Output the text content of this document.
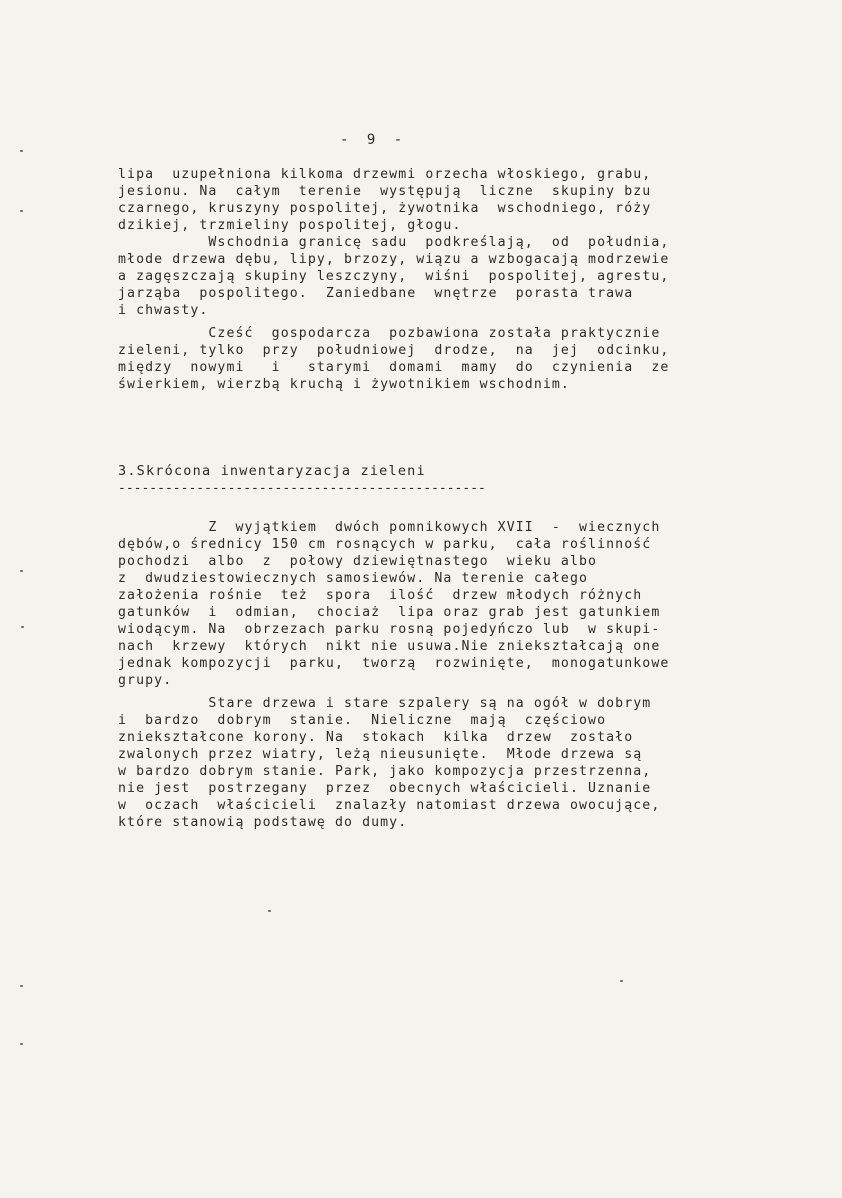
- 9 -
lipa  uzupełniona kilkoma drzewmi orzecha włoskiego, grabu,
jesionu. Na  całym  terenie  występują  liczne  skupiny bzu
czarnego, kruszyny pospolitej, żywotnika  wschodniego, róży
dzikiej, trzmieliny pospolitej, głogu.
Wschodnia granicę sadu  podkreślają,  od  południa,
młode drzewa dębu, lipy, brzozy, wiązu a wzbogacają modrzewie
a zagęszczają skupiny leszczyny,  wiśni  pospolitej, agrestu,
jarząba  pospolitego.  Zaniedbane  wnętrze  porasta trawa
i chwasty.
Cześć  gospodarcza  pozbawiona została praktycznie
zieleni, tylko  przy  południowej  drodze,  na  jej  odcinku,
między  nowymi   i   starymi  domami  mamy  do  czynienia  ze
świerkiem, wierzbą kruchą i żywotnikiem wschodnim.
3.Skrócona inwentaryzacja zieleni
-----------------------------------------------
Z  wyjątkiem  dwóch pomnikowych XVII  -  wiecznych
dębów,o średnicy 150 cm rosnących w parku,  cała roślinność
pochodzi  albo  z  połowy dziewiętnastego  wieku albo
z  dwudziestowiecznych samosiewów. Na terenie całego
założenia rośnie  też  spora  ilość  drzew młodych różnych
gatunków  i  odmian,  chociaż  lipa oraz grab jest gatunkiem
wiodącym. Na  obrzezach parku rosną pojedyńczo lub  w skupi-
nach  krzewy  których  nikt nie usuwa.Nie zniekształcają one
jednak kompozycji  parku,  tworzą  rozwinięte,  monogatunkowe
grupy.
Stare drzewa i stare szpalery są na ogół w dobrym
i  bardzo  dobrym  stanie.  Nieliczne  mają  częściowo
zniekształcone korony. Na  stokach  kilka  drzew  zostało
zwalonych przez wiatry, leżą nieusunięte.  Młode drzewa są
w bardzo dobrym stanie. Park, jako kompozycja przestrzenna,
nie jest  postrzegany  przez  obecnych właścicieli. Uznanie
w  oczach  właścicieli  znalazły natomiast drzewa owocujące,
które stanowią podstawę do dumy.
